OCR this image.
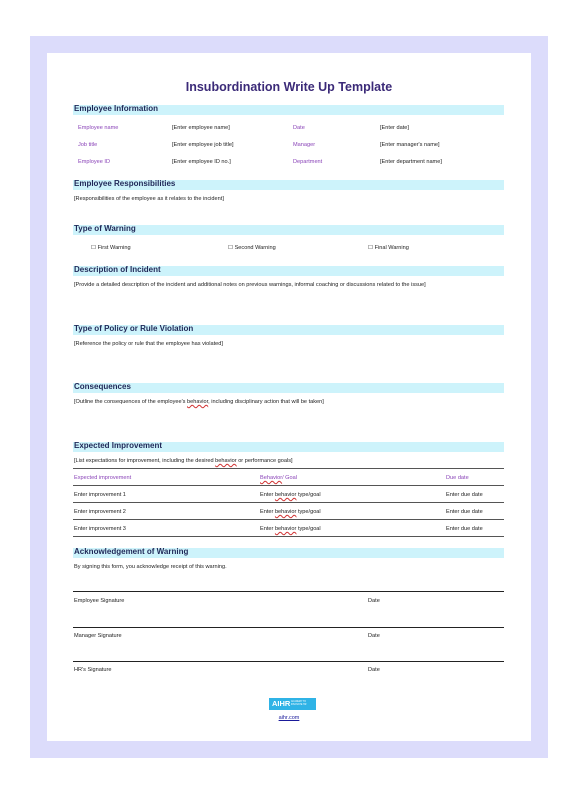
Insubordination Write Up Template
Employee Information
Employee name	[Enter employee name]	Date	[Enter date]
Job title	[Enter employee job title]	Manager	[Enter manager's name]
Employee ID	[Enter employee ID no.]	Department	[Enter department name]
Employee Responsibilities
[Responsibilities of the employee as it relates to the incident]
Type of Warning
☐ First Warning	☐ Second Warning	☐ Final Warning
Description of Incident
[Provide a detailed description of the incident and additional notes on previous warnings, informal coaching or discussions related to the issue]
Type of Policy or Rule Violation
[Reference the policy or rule that the employee has violated]
Consequences
[Outline the consequences of the employee's behavior, including disciplinary action that will be taken]
Expected Improvement
[List expectations for improvement, including the desired behavior or performance goals]
Expected improvement	Behavior/ Goal	Due date
Enter improvement 1	Enter behavior type/goal	Enter due date
Enter improvement 2	Enter behavior type/goal	Enter due date
Enter improvement 3	Enter behavior type/goal	Enter due date
Acknowledgement of Warning
By signing this form, you acknowledge receipt of this warning.
Employee Signature	Date
Manager Signature	Date
HR's Signature	Date
AIHR ACADEMY TO
INNOVATE HR
aihr.com
